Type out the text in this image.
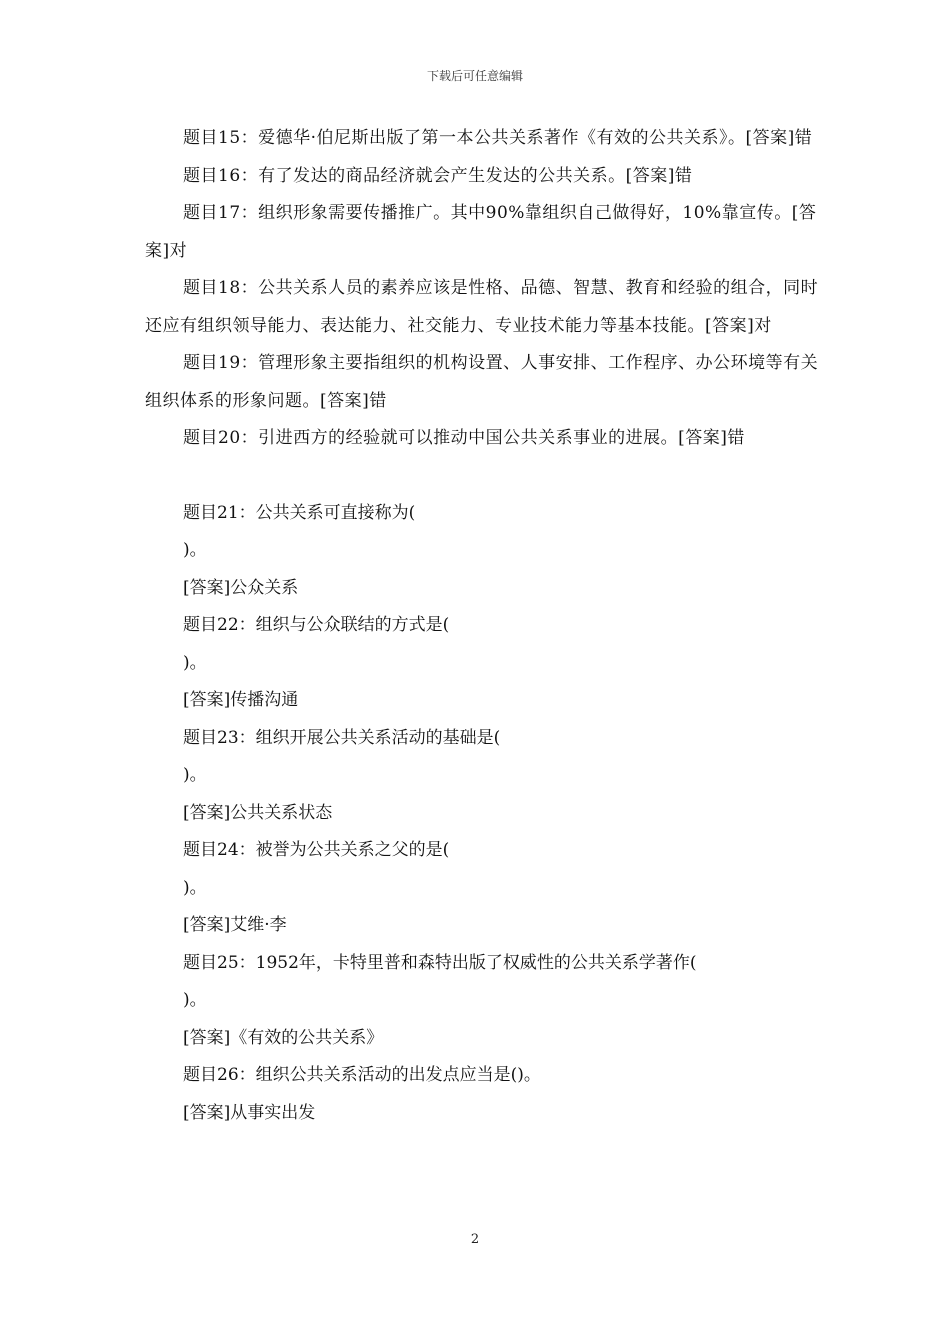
下载后可任意编辑

题目15：爱德华·伯尼斯出版了第一本公共关系著作《有效的公共关系》。[答案]错

题目16：有了发达的商品经济就会产生发达的公共关系。[答案]错

题目17：组织形象需要传播推广。其中90%靠组织自己做得好，10%靠宣传。[答案]对

题目18：公共关系人员的素养应该是性格、品德、智慧、教育和经验的组合，同时还应有组织领导能力、表达能力、社交能力、专业技术能力等基本技能。[答案]对

题目19：管理形象主要指组织的机构设置、人事安排、工作程序、办公环境等有关组织体系的形象问题。[答案]错

题目20：引进西方的经验就可以推动中国公共关系事业的进展。[答案]错

题目21：公共关系可直接称为(

)。

[答案]公众关系

题目22：组织与公众联结的方式是(

)。

[答案]传播沟通

题目23：组织开展公共关系活动的基础是(

)。

[答案]公共关系状态

题目24：被誉为公共关系之父的是(

)。

[答案]艾维·李

题目25：1952年，卡特里普和森特出版了权威性的公共关系学著作(

)。

[答案]《有效的公共关系》

题目26：组织公共关系活动的出发点应当是()。

[答案]从事实出发

2
